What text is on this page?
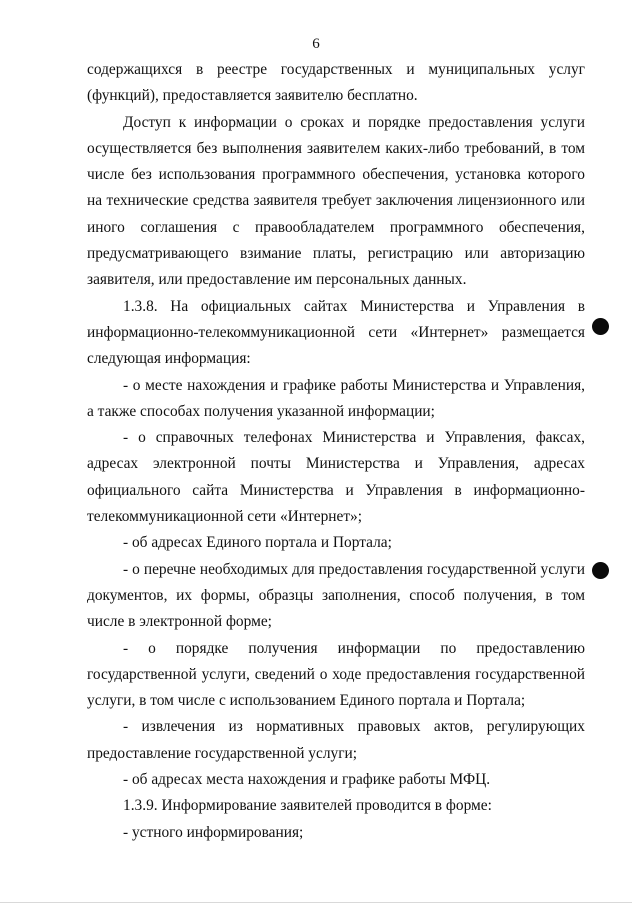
6

содержащихся в реестре государственных и муниципальных услуг (функций), предоставляется заявителю бесплатно.

Доступ к информации о сроках и порядке предоставления услуги осуществляется без выполнения заявителем каких-либо требований, в том числе без использования программного обеспечения, установка которого на технические средства заявителя требует заключения лицензионного или иного соглашения с правообладателем программного обеспечения, предусматривающего взимание платы, регистрацию или авторизацию заявителя, или предоставление им персональных данных.

1.3.8. На официальных сайтах Министерства и Управления в информационно-телекоммуникационной сети «Интернет» размещается следующая информация:

- о месте нахождения и графике работы Министерства и Управления, а также способах получения указанной информации;

- о справочных телефонах Министерства и Управления, факсах, адресах электронной почты Министерства и Управления, адресах официального сайта Министерства и Управления в информационно-телекоммуникационной сети «Интернет»;

- об адресах Единого портала и Портала;

- о перечне необходимых для предоставления государственной услуги документов, их формы, образцы заполнения, способ получения, в том числе в электронной форме;

- о порядке получения информации по предоставлению государственной услуги, сведений о ходе предоставления государственной услуги, в том числе с использованием Единого портала и Портала;

- извлечения из нормативных правовых актов, регулирующих предоставление государственной услуги;

- об адресах места нахождения и графике работы МФЦ.

1.3.9. Информирование заявителей проводится в форме:

- устного информирования;
